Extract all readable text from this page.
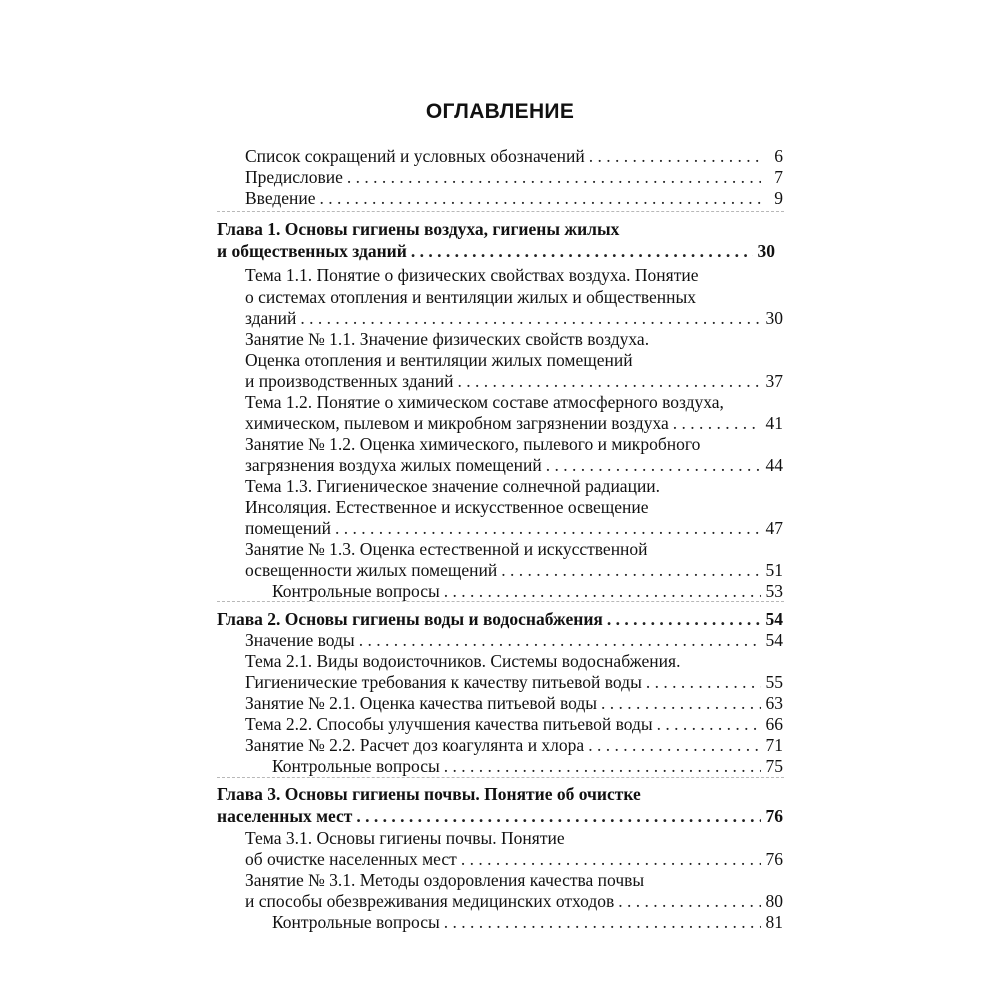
ОГЛАВЛЕНИЕ
Список сокращений и условных обозначений . . .	6
Предисловие . . .	7
Введение . . .	9
Глава 1. Основы гигиены воздуха, гигиены жилых
и общественных зданий . . .	30
Тема 1.1. Понятие о физических свойствах воздуха. Понятие
о системах отопления и вентиляции жилых и общественных
зданий . . .	30
Занятие № 1.1. Значение физических свойств воздуха.
Оценка отопления и вентиляции жилых помещений
и производственных зданий . . .	37
Тема 1.2. Понятие о химическом составе атмосферного воздуха,
химическом, пылевом и микробном загрязнении воздуха . . .	41
Занятие № 1.2. Оценка химического, пылевого и микробного
загрязнения воздуха жилых помещений . . .	44
Тема 1.3. Гигиеническое значение солнечной радиации.
Инсоляция. Естественное и искусственное освещение
помещений . . .	47
Занятие № 1.3. Оценка естественной и искусственной
освещенности жилых помещений . . .	51
Контрольные вопросы . . .	53
Глава 2. Основы гигиены воды и водоснабжения . . .	54
Значение воды . . .	54
Тема 2.1. Виды водоисточников. Системы водоснабжения.
Гигиенические требования к качеству питьевой воды . . .	55
Занятие № 2.1. Оценка качества питьевой воды . . .	63
Тема 2.2. Способы улучшения качества питьевой воды . . .	66
Занятие № 2.2. Расчет доз коагулянта и хлора . . .	71
Контрольные вопросы . . .	75
Глава 3. Основы гигиены почвы. Понятие об очистке
населенных мест . . .	76
Тема 3.1. Основы гигиены почвы. Понятие
об очистке населенных мест . . .	76
Занятие № 3.1. Методы оздоровления качества почвы
и способы обезвреживания медицинских отходов . . .	80
Контрольные вопросы . . .	81
